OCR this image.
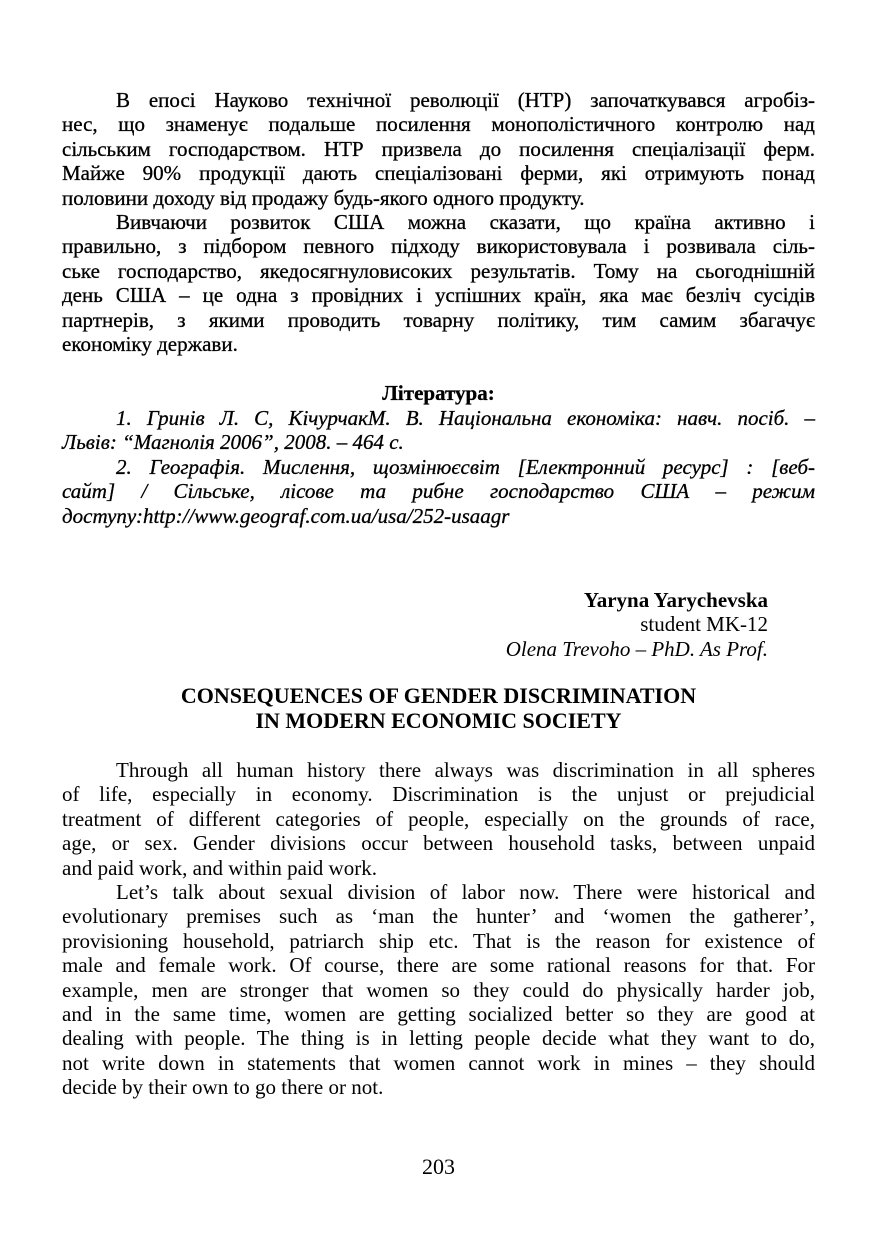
В епосі Науково технічної революції (НТР) започаткувався агробіз-
нес, що знаменує подальше посилення монополістичного контролю над
сільським господарством. НТР призвела до посилення спеціалізації ферм.
Майже 90% продукції дають спеціалізовані ферми, які отримують понад
половини доходу від продажу будь-якого одного продукту.
Вивчаючи розвиток США можна сказати, що країна активно і
правильно, з підбором певного підходу використовувала і розвивала сіль-
ське господарство, якедосягнуловисоких результатів. Тому на сьогоднішній
день США – це одна з провідних і успішних країн, яка має безліч сусідів
партнерів, з якими проводить товарну політику, тим самим збагачує
економіку держави.
Література:
1. Гринів Л. С, КічурчакМ. В. Національна економіка: навч. посіб. –
Львів: “Магнолія 2006”, 2008. – 464 с.
2. Географія. Мислення, щозмінюєсвіт [Електронний ресурс] : [веб-
сайт] / Сільське, лісове та рибне господарство США – режим
доступу:http://www.geograf.com.ua/usa/252-usaagr
Yaryna Yarychevska
student MK-12
Olena Trevoho – PhD. As Prof.
CONSEQUENCES OF GENDER DISCRIMINATION
IN MODERN ECONOMIC SOCIETY
Through all human history there always was discrimination in all spheres
of life, especially in economy. Discrimination is the unjust or prejudicial
treatment of different categories of people, especially on the grounds of race,
age, or sex. Gender divisions occur between household tasks, between unpaid
and paid work, and within paid work.
Let’s talk about sexual division of labor now. There were historical and
evolutionary premises such as ‘man the hunter’ and ‘women the gatherer’,
provisioning household, patriarch ship etc. That is the reason for existence of
male and female work. Of course, there are some rational reasons for that. For
example, men are stronger that women so they could do physically harder job,
and in the same time, women are getting socialized better so they are good at
dealing with people. The thing is in letting people decide what they want to do,
not write down in statements that women cannot work in mines – they should
decide by their own to go there or not.
203
